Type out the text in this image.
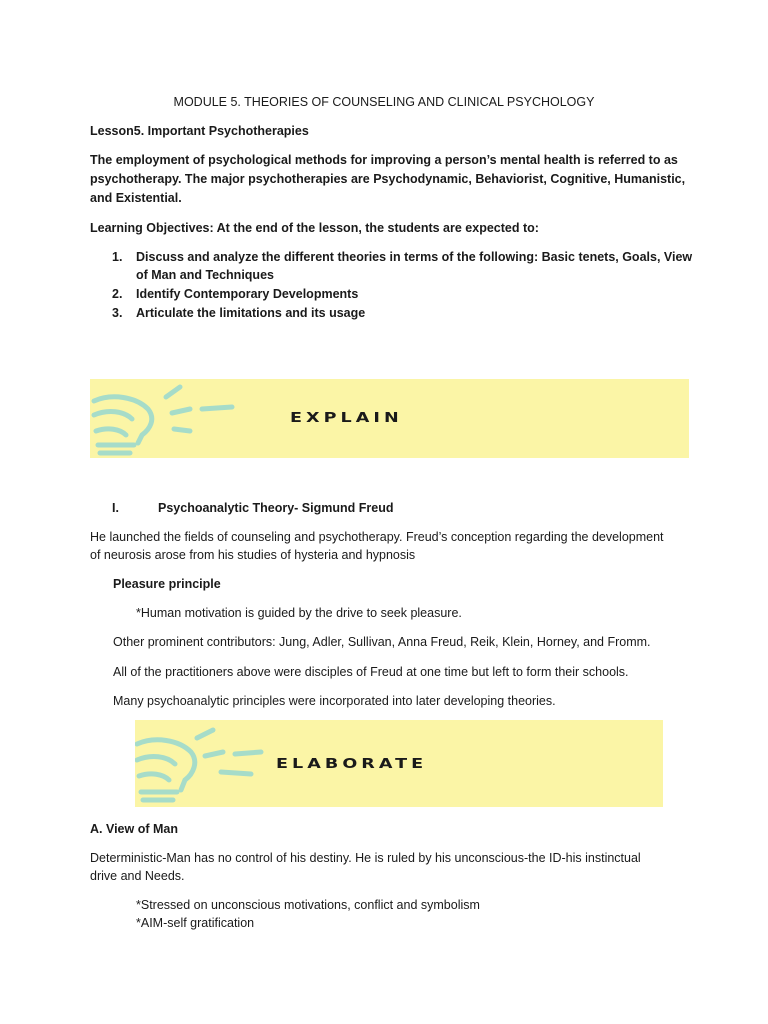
MODULE 5. THEORIES OF COUNSELING AND CLINICAL PSYCHOLOGY

Lesson5. Important Psychotherapies

The employment of psychological methods for improving a person’s mental health is referred to as

psychotherapy. The major psychotherapies are Psychodynamic, Behaviorist, Cognitive, Humanistic,

and Existential.

Learning Objectives: At the end of the lesson, the students are expected to:

1. Discuss and analyze the different theories in terms of the following: Basic tenets, Goals, View

of Man and Techniques

2. Identify Contemporary Developments

3. Articulate the limitations and its usage

EXPLAIN

I.	Psychoanalytic Theory- Sigmund Freud

He launched the fields of counseling and psychotherapy. Freud’s conception regarding the development

of neurosis arose from his studies of hysteria and hypnosis

Pleasure principle

*Human motivation is guided by the drive to seek pleasure.

Other prominent contributors: Jung, Adler, Sullivan, Anna Freud, Reik, Klein, Horney, and Fromm.

All of the practitioners above were disciples of Freud at one time but left to form their schools.

Many psychoanalytic principles were incorporated into later developing theories.

ELABORATE

A. View of Man

Deterministic-Man has no control of his destiny. He is ruled by his unconscious-the ID-his instinctual

drive and Needs.

*Stressed on unconscious motivations, conflict and symbolism

*AIM-self gratification
